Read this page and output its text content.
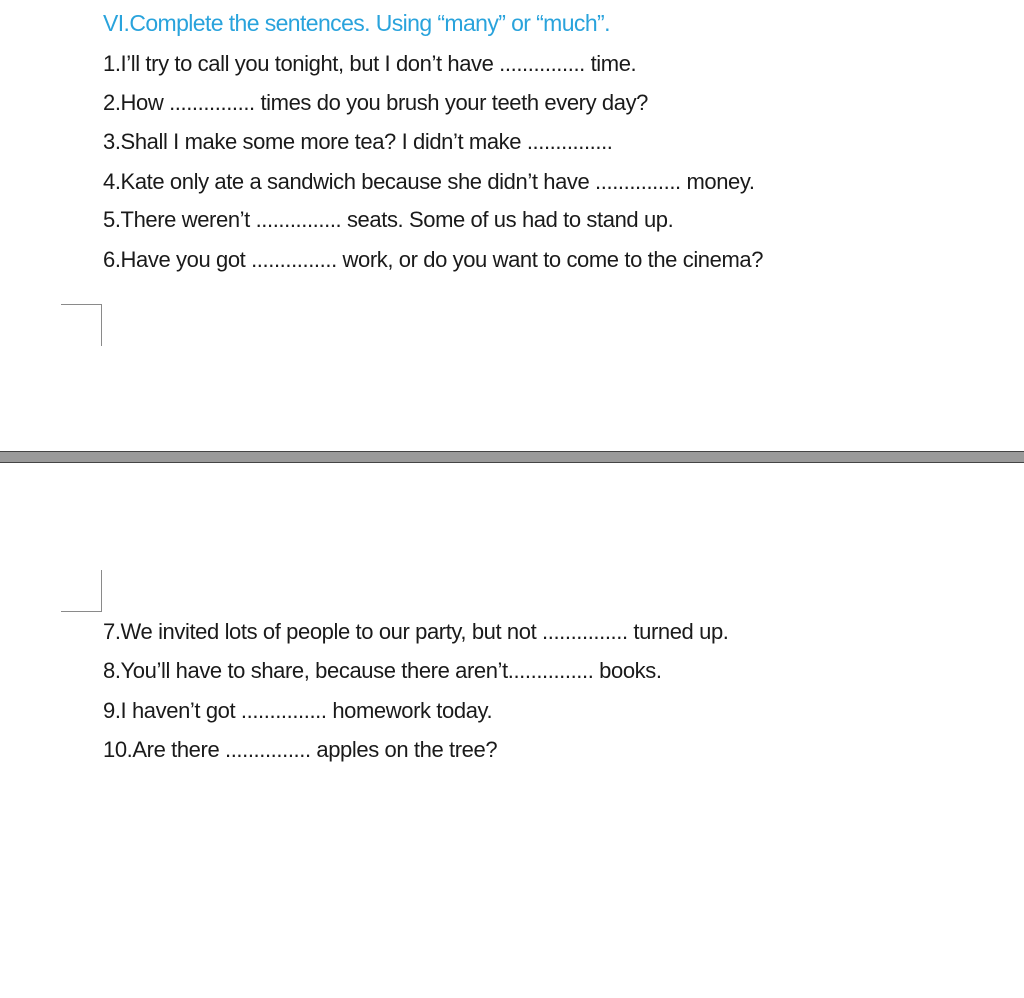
VI.Complete the sentences. Using “many” or “much”.
1.I’ll try to call you tonight, but I don’t have ............... time.
2.How ............... times do you brush your teeth every day?
3.Shall I make some more tea? I didn’t make ...............
4.Kate only ate a sandwich because she didn’t have ............... money.
5.There weren’t ............... seats. Some of us had to stand up.
6.Have you got ............... work, or do you want to come to the cinema?
7.We invited lots of people to our party, but not ............... turned up.
8.You’ll have to share, because there aren’t............... books.
9.I haven’t got ............... homework today.
10.Are there ............... apples on the tree?
